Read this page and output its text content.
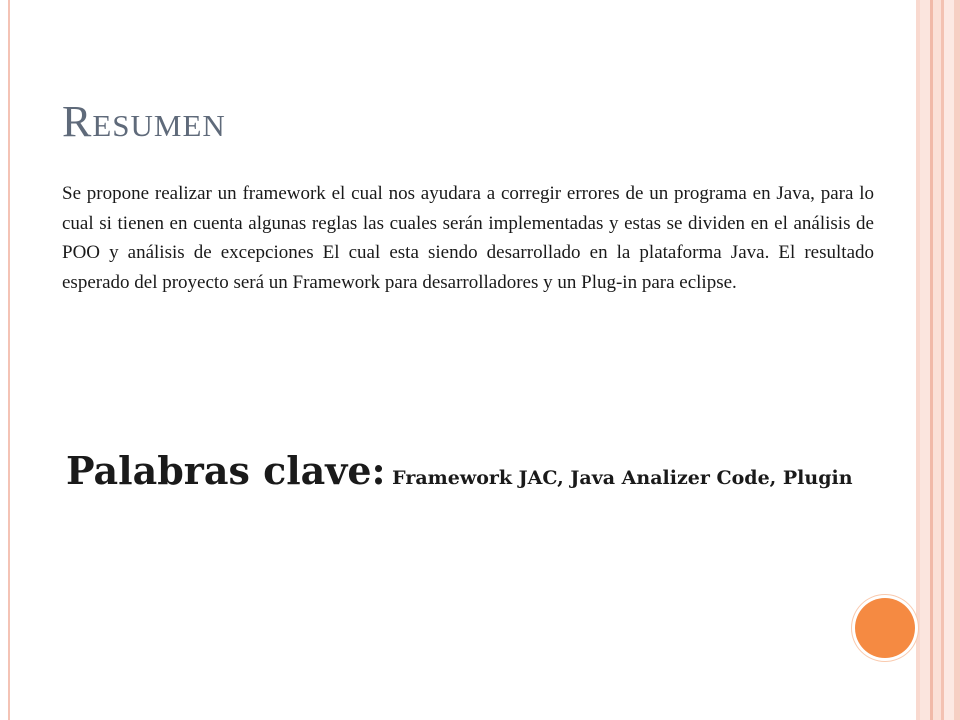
Resumen

Se propone realizar un framework el cual nos ayudara a corregir errores de un programa en Java, para lo cual si tienen en cuenta algunas reglas las cuales serán implementadas y estas se dividen en el análisis de POO y análisis de excepciones El cual esta siendo desarrollado en la plataforma Java. El resultado esperado del proyecto será un Framework para desarrolladores y un Plug-in para eclipse.

Palabras clave: Framework JAC, Java Analizer Code, Plugin
